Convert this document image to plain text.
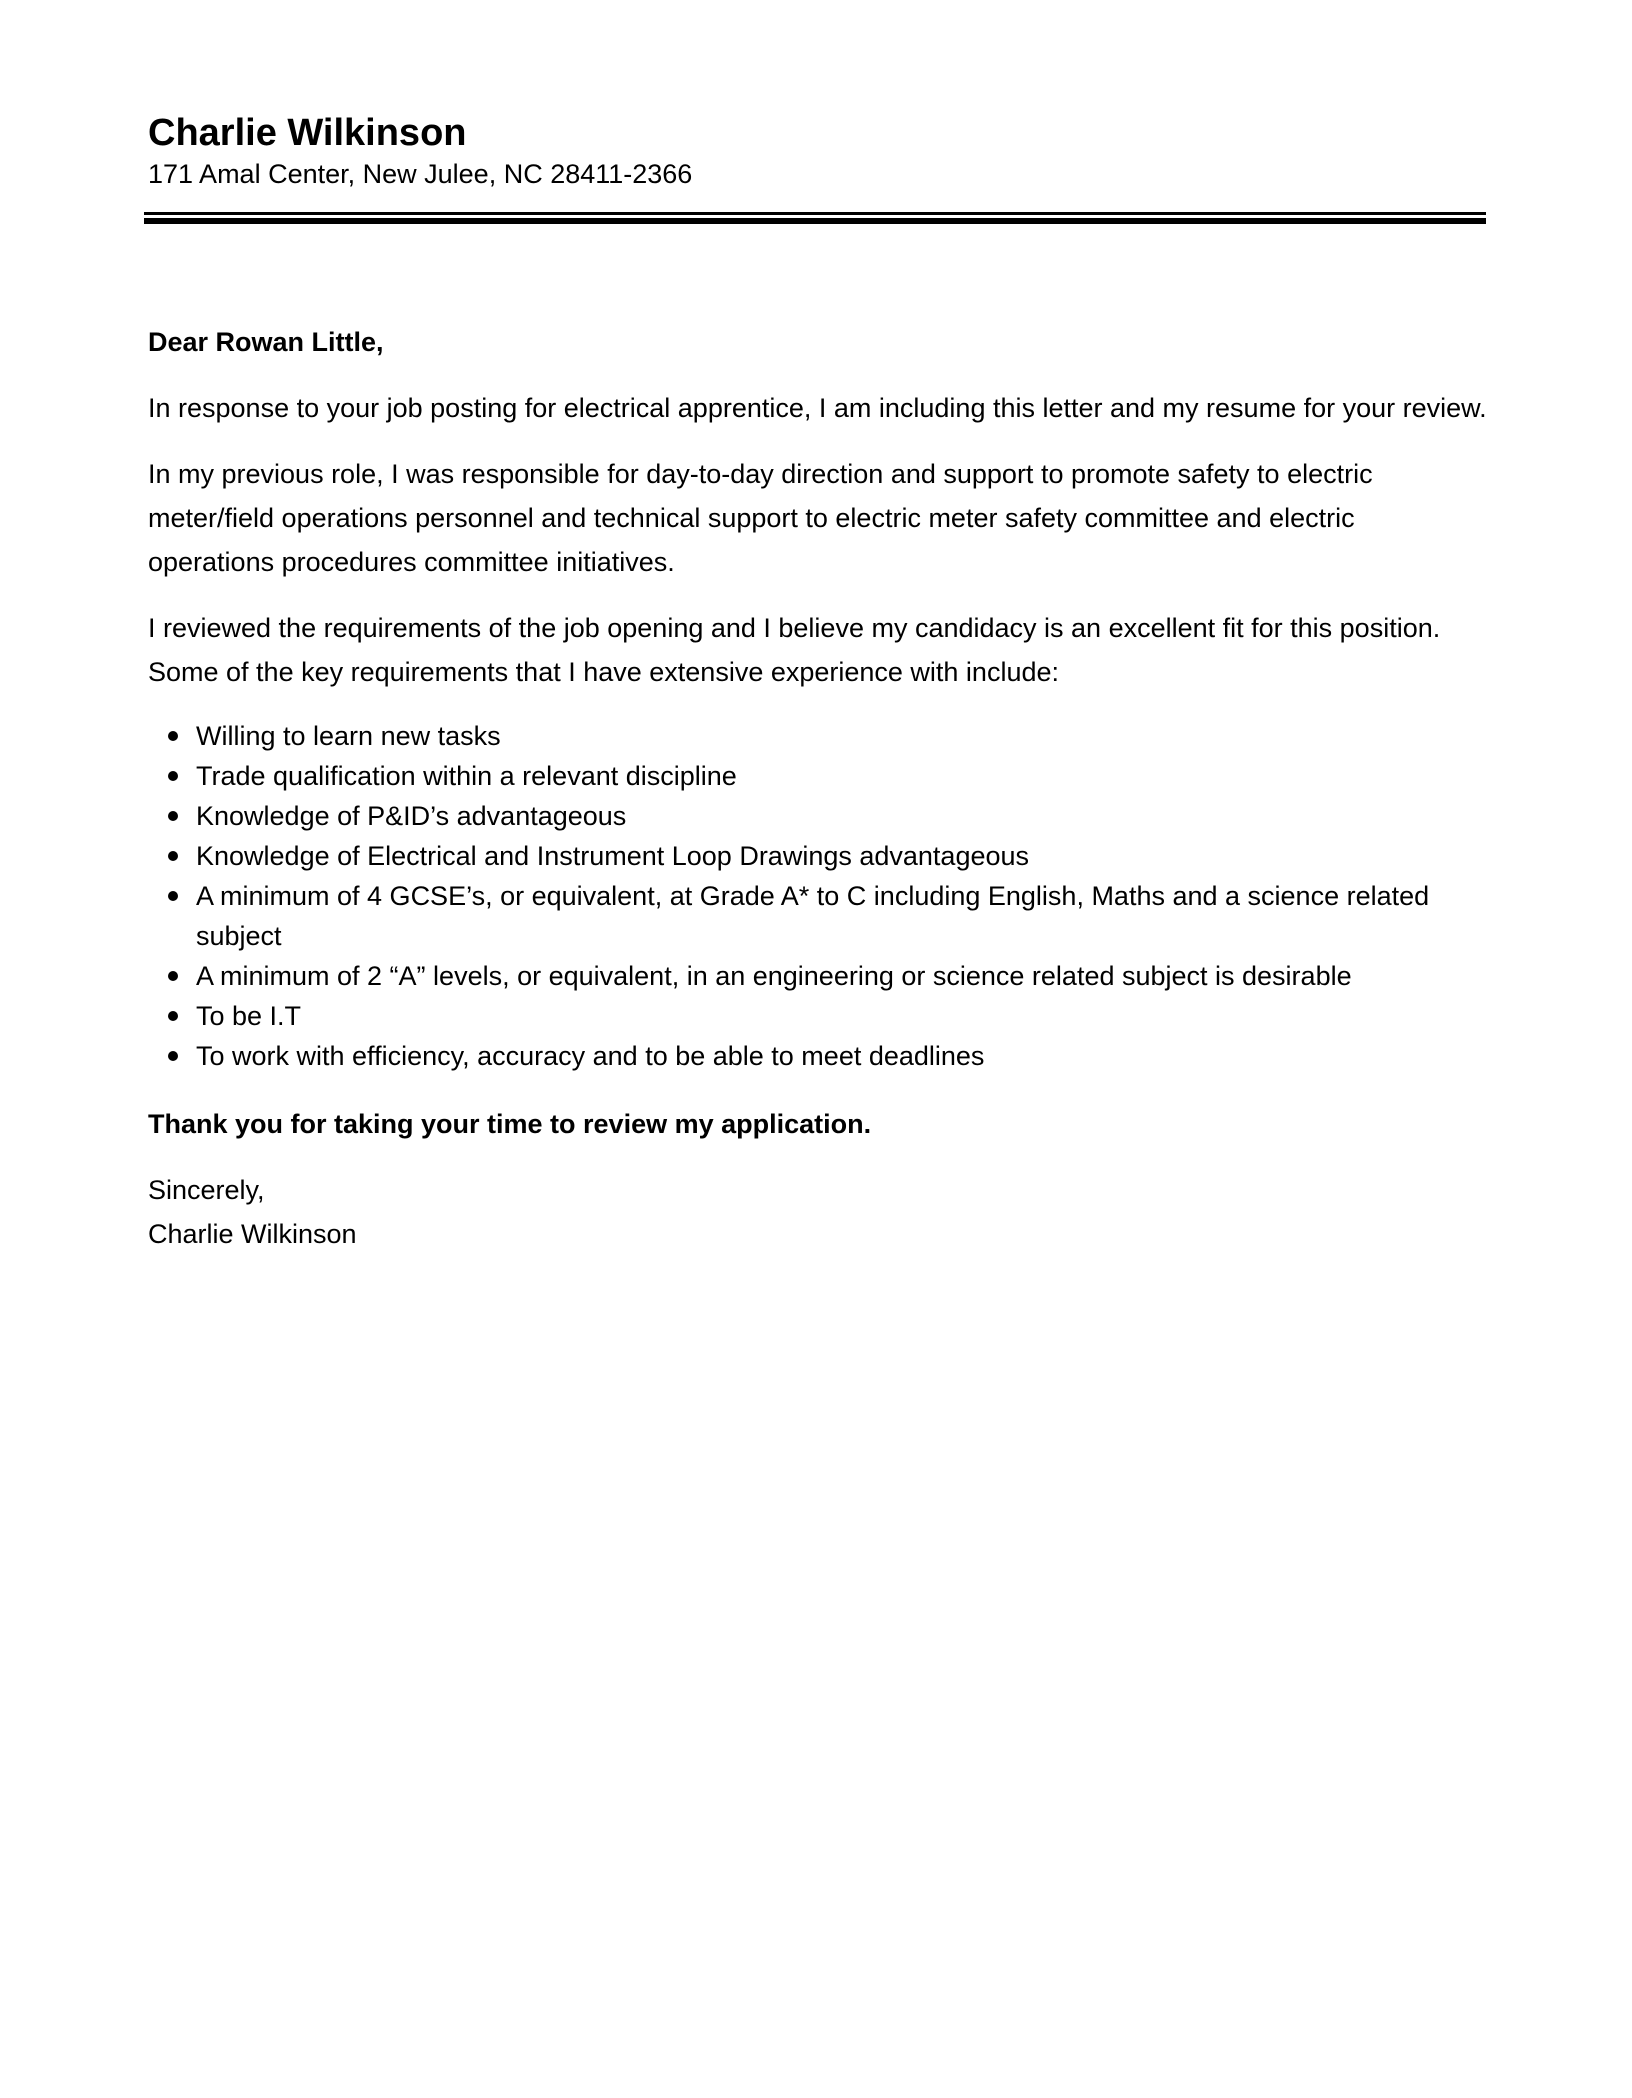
Charlie Wilkinson

171 Amal Center, New Julee, NC 28411-2366

Dear Rowan Little,

In response to your job posting for electrical apprentice, I am including this letter and my resume for your review.

In my previous role, I was responsible for day-to-day direction and support to promote safety to electric meter/field operations personnel and technical support to electric meter safety committee and electric operations procedures committee initiatives.

I reviewed the requirements of the job opening and I believe my candidacy is an excellent fit for this position. Some of the key requirements that I have extensive experience with include:

Willing to learn new tasks
Trade qualification within a relevant discipline
Knowledge of P&ID’s advantageous
Knowledge of Electrical and Instrument Loop Drawings advantageous
A minimum of 4 GCSE’s, or equivalent, at Grade A* to C including English, Maths and a science related subject
A minimum of 2 “A” levels, or equivalent, in an engineering or science related subject is desirable
To be I.T
To work with efficiency, accuracy and to be able to meet deadlines

Thank you for taking your time to review my application.

Sincerely,

Charlie Wilkinson
